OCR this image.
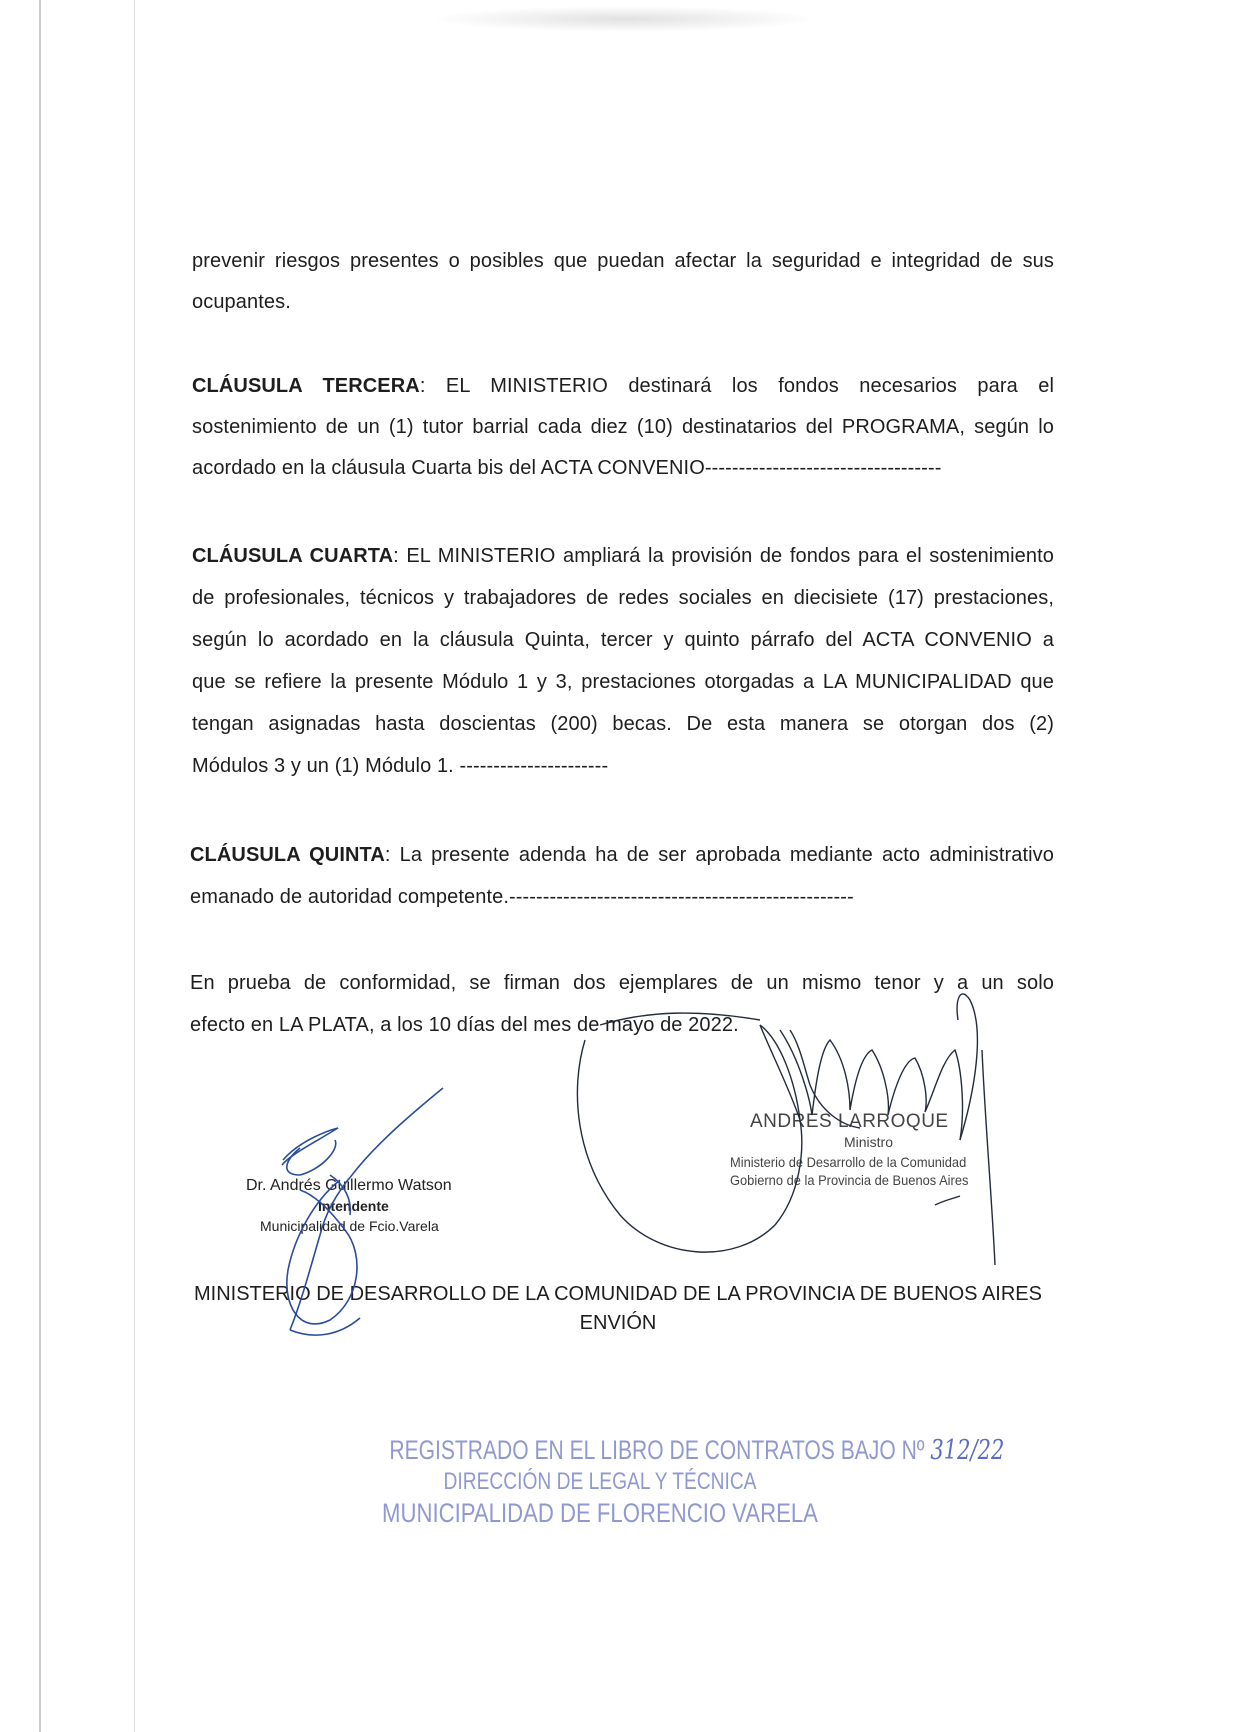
prevenir riesgos presentes o posibles que puedan afectar la seguridad e integridad de sus
ocupantes.
CLÁUSULA TERCERA: EL MINISTERIO destinará los fondos necesarios para el
sostenimiento de un (1) tutor barrial cada diez (10) destinatarios del PROGRAMA, según lo
acordado en la cláusula Cuarta bis del ACTA CONVENIO-----------------------------------
CLÁUSULA CUARTA: EL MINISTERIO ampliará la provisión de fondos para el sostenimiento
de profesionales, técnicos y trabajadores de redes sociales en diecisiete (17) prestaciones,
según lo acordado en la cláusula Quinta, tercer y quinto párrafo del ACTA CONVENIO a
que se refiere la presente Módulo 1 y 3, prestaciones otorgadas a LA MUNICIPALIDAD que
tengan asignadas hasta doscientas (200) becas. De esta manera se otorgan dos (2)
Módulos 3 y un (1) Módulo 1. ----------------------
CLÁUSULA QUINTA: La presente adenda ha de ser aprobada mediante acto administrativo
emanado de autoridad competente.---------------------------------------------------
En prueba de conformidad, se firman dos ejemplares de un mismo tenor y a un solo
efecto en LA PLATA, a los 10 días del mes de mayo de 2022.
ANDRES LARROQUE
Ministro
Ministerio de Desarrollo de la Comunidad
Gobierno de la Provincia de Buenos Aires
Dr. Andrés Guillermo Watson
Intendente
Municipalidad de Fcio.Varela
MINISTERIO DE DESARROLLO DE LA COMUNIDAD DE LA PROVINCIA DE BUENOS AIRES
ENVIÓN
REGISTRADO EN EL LIBRO DE CONTRATOS BAJO Nº 312/22
DIRECCIÓN DE LEGAL Y TÉCNICA
MUNICIPALIDAD DE FLORENCIO VARELA
